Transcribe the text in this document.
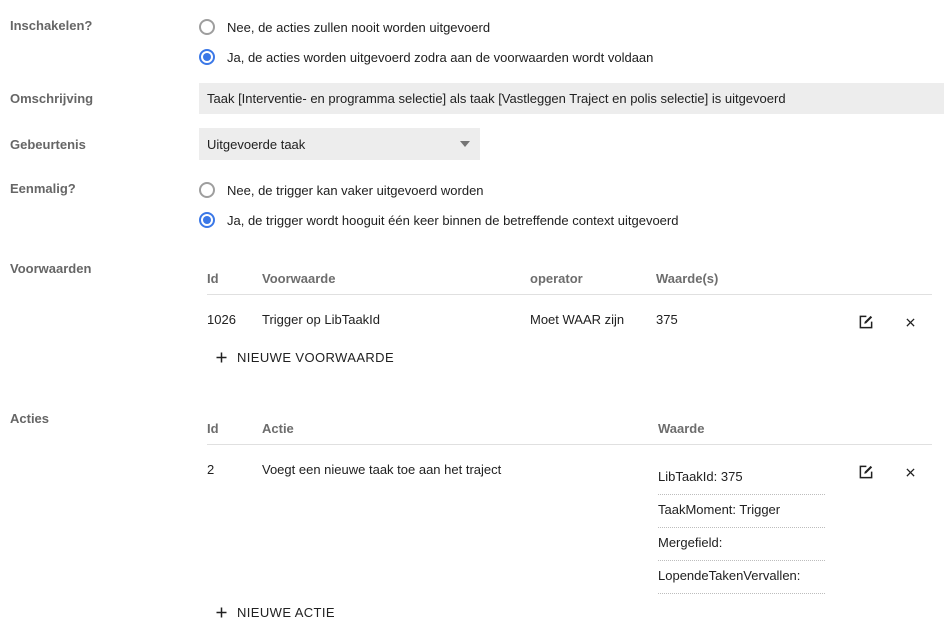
Inschakelen?	Nee, de acties zullen nooit worden uitgevoerd
Ja, de acties worden uitgevoerd zodra aan de voorwaarden wordt voldaan
Omschrijving	Taak [Interventie- en programma selectie] als taak [Vastleggen Traject en polis selectie] is uitgevoerd
Gebeurtenis	Uitgevoerde taak
Eenmalig?	Nee, de trigger kan vaker uitgevoerd worden
Ja, de trigger wordt hooguit één keer binnen de betreffende context uitgevoerd
Voorwaarden
Id	Voorwaarde	operator	Waarde(s)
1026	Trigger op LibTaakId	Moet WAAR zijn	375
NIEUWE VOORWAARDE
Acties
Id	Actie	Waarde
2	Voegt een nieuwe taak toe aan het traject	LibTaakId: 375
TaakMoment: Trigger
Mergefield:
LopendeTakenVervallen:
NIEUWE ACTIE
